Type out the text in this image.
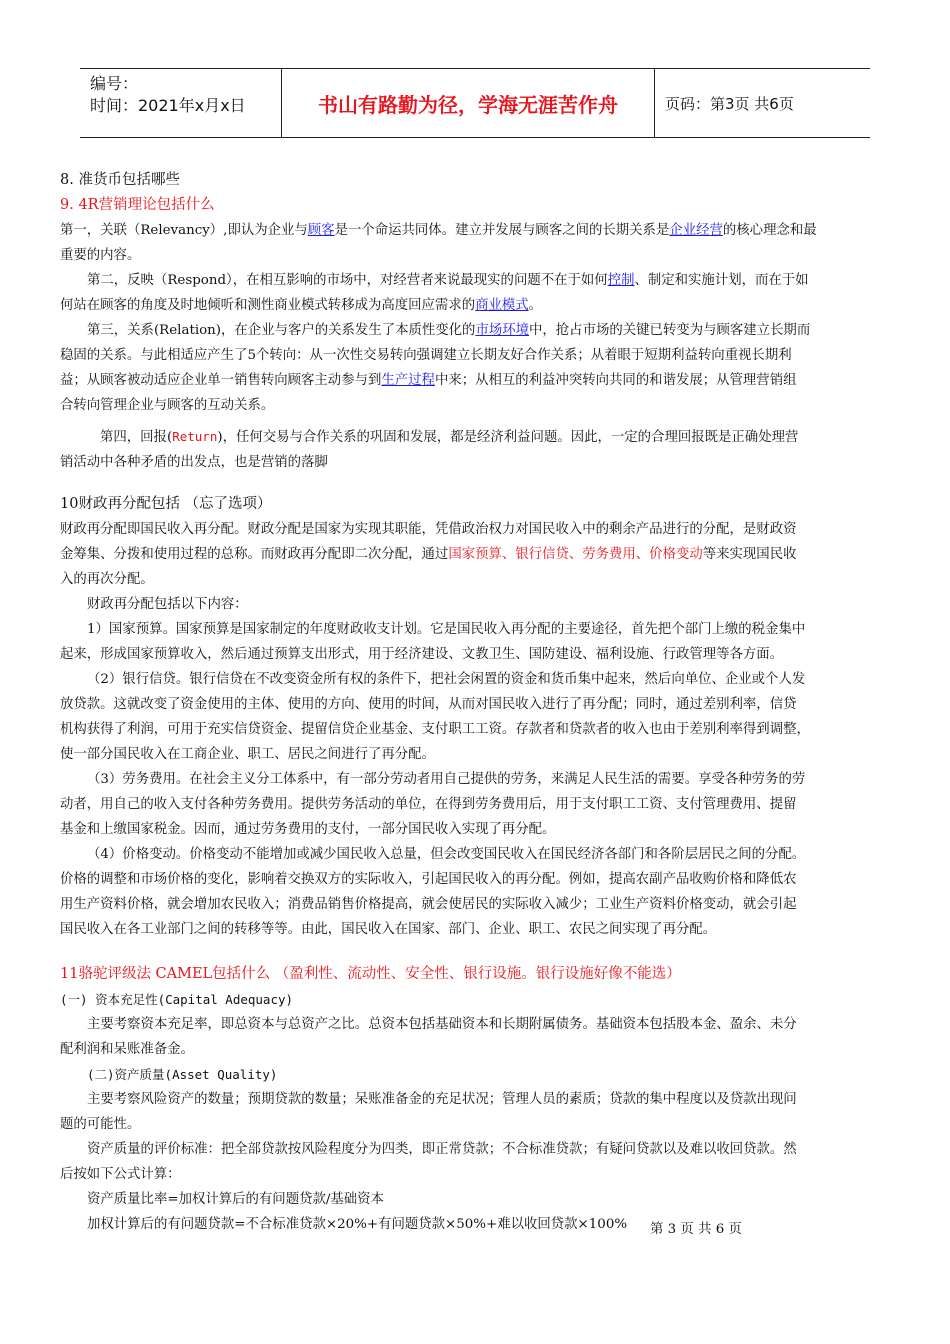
编号：
时间：2021年x月x日	书山有路勤为径，学海无涯苦作舟	页码：第3页 共6页
8. 准货币包括哪些
9. 4R营销理论包括什么
第一，关联（Relevancy）,即认为企业与顾客是一个命运共同体。建立并发展与顾客之间的长期关系是企业经营的核心理念和最
重要的内容。
第二，反映（Respond），在相互影响的市场中，对经营者来说最现实的问题不在于如何控制、制定和实施计划，而在于如
何站在顾客的角度及时地倾听和测性商业模式转移成为高度回应需求的商业模式。
第三，关系(Relation)，在企业与客户的关系发生了本质性变化的市场环境中，抢占市场的关键已转变为与顾客建立长期而
稳固的关系。与此相适应产生了5个转向：从一次性交易转向强调建立长期友好合作关系；从着眼于短期利益转向重视长期利
益；从顾客被动适应企业单一销售转向顾客主动参与到生产过程中来；从相互的利益冲突转向共同的和谐发展；从管理营销组
合转向管理企业与顾客的互动关系。
第四，回报(Return)，任何交易与合作关系的巩固和发展，都是经济利益问题。因此，一定的合理回报既是正确处理营
销活动中各种矛盾的出发点，也是营销的落脚
10财政再分配包括 （忘了选项）
财政再分配即国民收入再分配。财政分配是国家为实现其职能，凭借政治权力对国民收入中的剩余产品进行的分配，是财政资
金筹集、分拨和使用过程的总称。而财政再分配即二次分配，通过国家预算、银行信贷、劳务费用、价格变动等来实现国民收
入的再次分配。
财政再分配包括以下内容：
1）国家预算。国家预算是国家制定的年度财政收支计划。它是国民收入再分配的主要途径，首先把个部门上缴的税金集中
起来，形成国家预算收入，然后通过预算支出形式，用于经济建设、文教卫生、国防建设、福利设施、行政管理等各方面。
（2）银行信贷。银行信贷在不改变资金所有权的条件下，把社会闲置的资金和货币集中起来，然后向单位、企业或个人发
放贷款。这就改变了资金使用的主体、使用的方向、使用的时间，从而对国民收入进行了再分配；同时，通过差别利率，信贷
机构获得了利润，可用于充实信贷资金、提留信贷企业基金、支付职工工资。存款者和贷款者的收入也由于差别利率得到调整，
使一部分国民收入在工商企业、职工、居民之间进行了再分配。
（3）劳务费用。在社会主义分工体系中，有一部分劳动者用自己提供的劳务，来满足人民生活的需要。享受各种劳务的劳
动者，用自己的收入支付各种劳务费用。提供劳务活动的单位，在得到劳务费用后，用于支付职工工资、支付管理费用、提留
基金和上缴国家税金。因而，通过劳务费用的支付，一部分国民收入实现了再分配。
（4）价格变动。价格变动不能增加或减少国民收入总量，但会改变国民收入在国民经济各部门和各阶层居民之间的分配。
价格的调整和市场价格的变化，影响着交换双方的实际收入，引起国民收入的再分配。例如，提高农副产品收购价格和降低农
用生产资料价格，就会增加农民收入；消费品销售价格提高，就会使居民的实际收入减少；工业生产资料价格变动，就会引起
国民收入在各工业部门之间的转移等等。由此，国民收入在国家、部门、企业、职工、农民之间实现了再分配。
11骆驼评级法 CAMEL包括什么 （盈利性、流动性、安全性、银行设施。银行设施好像不能选）
(一) 资本充足性(Capital Adequacy)
主要考察资本充足率，即总资本与总资产之比。总资本包括基础资本和长期附属债务。基础资本包括股本金、盈余、未分
配利润和呆账准备金。
(二)资产质量(Asset Quality)
主要考察风险资产的数量；预期贷款的数量；呆账准备金的充足状况；管理人员的素质；贷款的集中程度以及贷款出现问
题的可能性。
资产质量的评价标准：把全部贷款按风险程度分为四类，即正常贷款；不合标准贷款；有疑问贷款以及难以收回贷款。然
后按如下公式计算：
资产质量比率=加权计算后的有问题贷款/基础资本
加权计算后的有问题贷款=不合标准贷款×20%+有问题贷款×50%+难以收回贷款×100%	第 3 页 共 6 页
